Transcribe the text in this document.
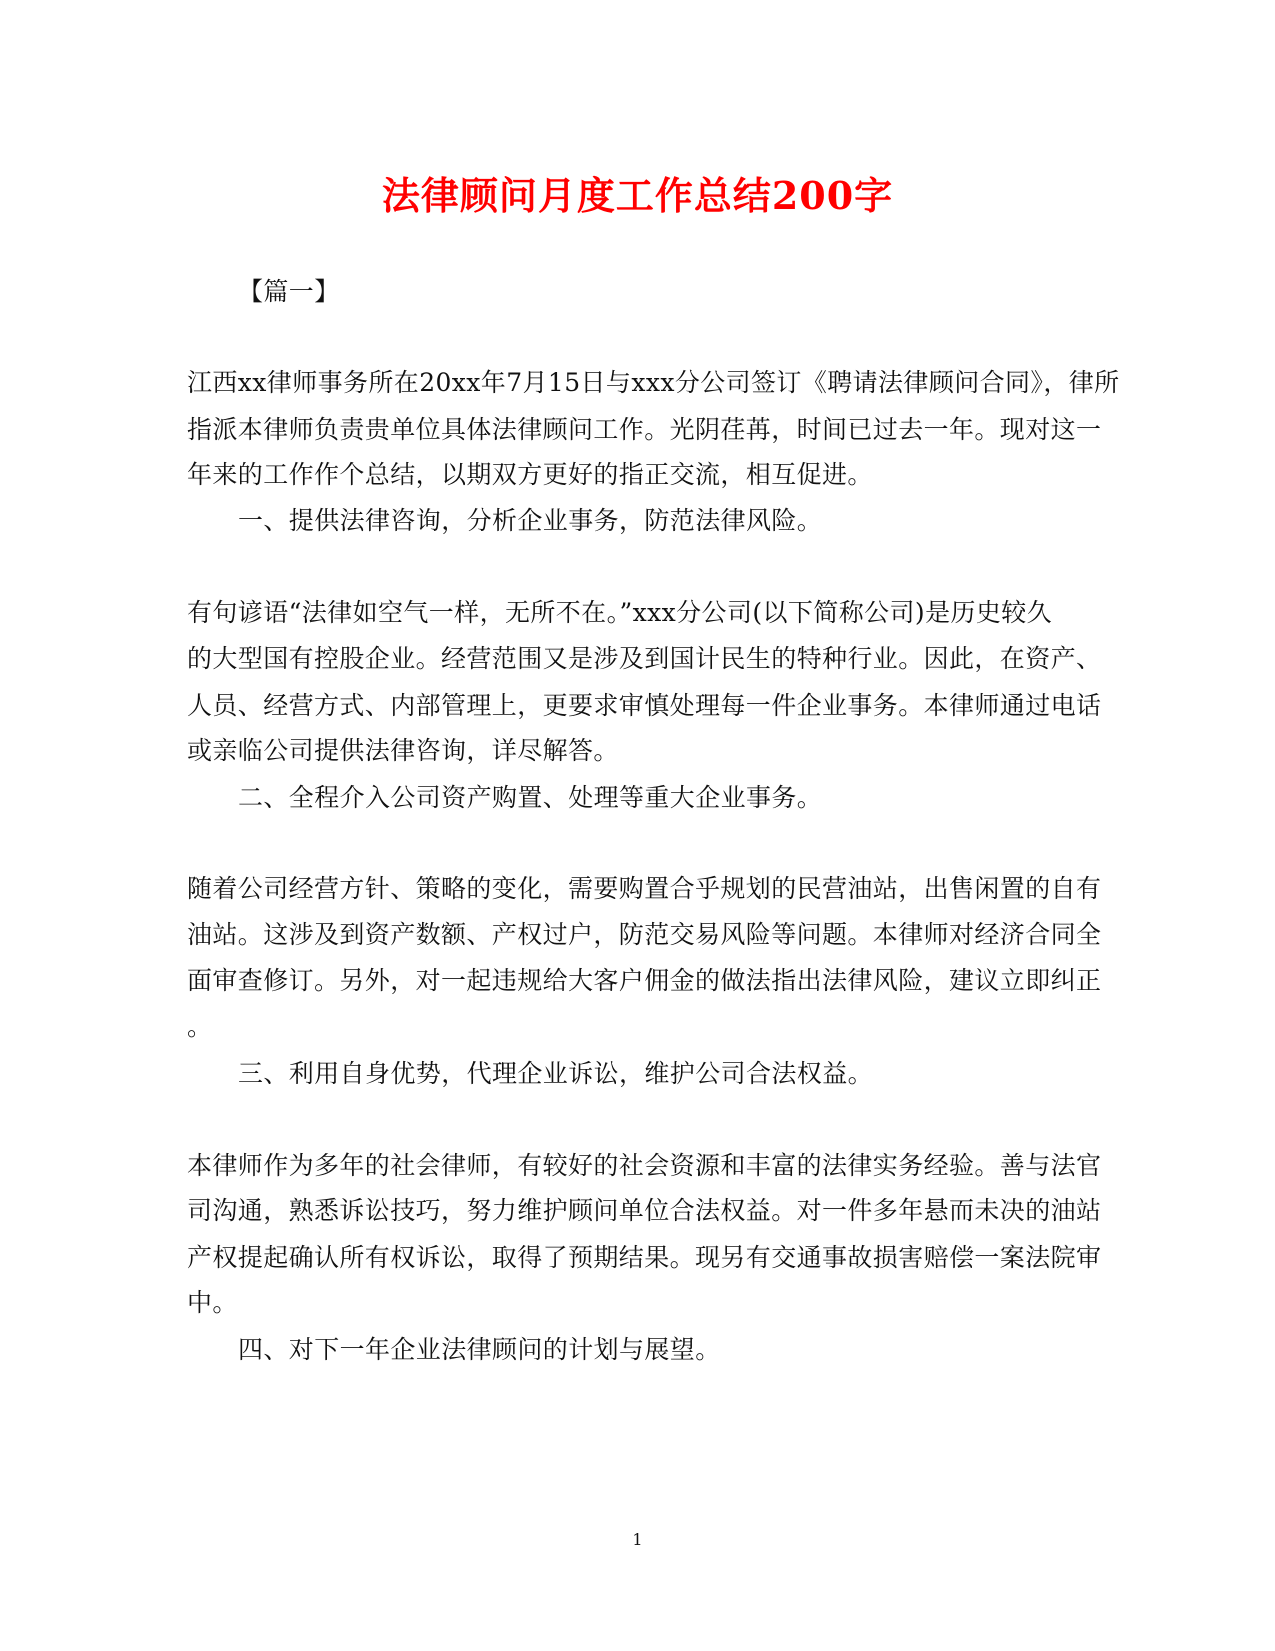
法律顾问月度工作总结200字
【篇一】
江西xx律师事务所在20xx年7月15日与xxx分公司签订《聘请法律顾问合同》，律所
指派本律师负责贵单位具体法律顾问工作。光阴荏苒，时间已过去一年。现对这一
年来的工作作个总结，以期双方更好的指正交流，相互促进。
一、提供法律咨询，分析企业事务，防范法律风险。
有句谚语“法律如空气一样，无所不在。”xxx分公司(以下简称公司)是历史较久
的大型国有控股企业。经营范围又是涉及到国计民生的特种行业。因此，在资产、
人员、经营方式、内部管理上，更要求审慎处理每一件企业事务。本律师通过电话
或亲临公司提供法律咨询，详尽解答。
二、全程介入公司资产购置、处理等重大企业事务。
随着公司经营方针、策略的变化，需要购置合乎规划的民营油站，出售闲置的自有
油站。这涉及到资产数额、产权过户，防范交易风险等问题。本律师对经济合同全
面审查修订。另外，对一起违规给大客户佣金的做法指出法律风险，建议立即纠正
。
三、利用自身优势，代理企业诉讼，维护公司合法权益。
本律师作为多年的社会律师，有较好的社会资源和丰富的法律实务经验。善与法官
司沟通，熟悉诉讼技巧，努力维护顾问单位合法权益。对一件多年悬而未决的油站
产权提起确认所有权诉讼，取得了预期结果。现另有交通事故损害赔偿一案法院审
中。
四、对下一年企业法律顾问的计划与展望。
1
